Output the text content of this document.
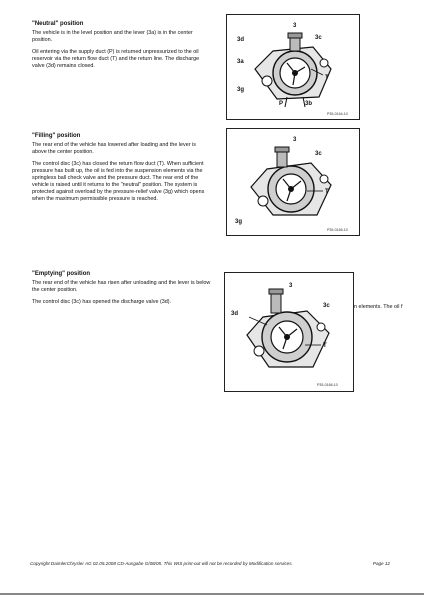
"Neutral" position

The vehicle is in the level position and the lever (3a) is in the center position.

Oil entering via the supply duct (P) is returned unpressurized to the oil reservoir via the return flow duct (T) and the return line. The discharge valve (3d) remains closed.

3
3d	3c
3a
T
3g
P	3b
P35-0164-10

"Filling" position

The rear end of the vehicle has lowered after loading and the lever is above the center position.

The control disc (3c) has closed the return flow duct (T). When sufficient pressure has built up, the oil is fed into the suspension elements via the springless ball check valve and the pressure duct. The rear end of the vehicle is raised until it returns to the "neutral" position. The system is protected against overload by the pressure-relief valve (3g) which opens when the maximum permissible pressure is reached.

3
3c
T
3g
P35-0165-10

"Emptying" position

The rear end of the vehicle has risen after unloading and the lever is below the center position.

The control disc (3c) has opened the discharge valve (3d).

3
3d
3c
T
P35-0166-10
n elements. The oil f
Copyright DaimlerChrysler AG 02.05.2008 CD-Ausgabe G/08/05. This WIS print-out will not be recorded by Modification services.	Page 12
